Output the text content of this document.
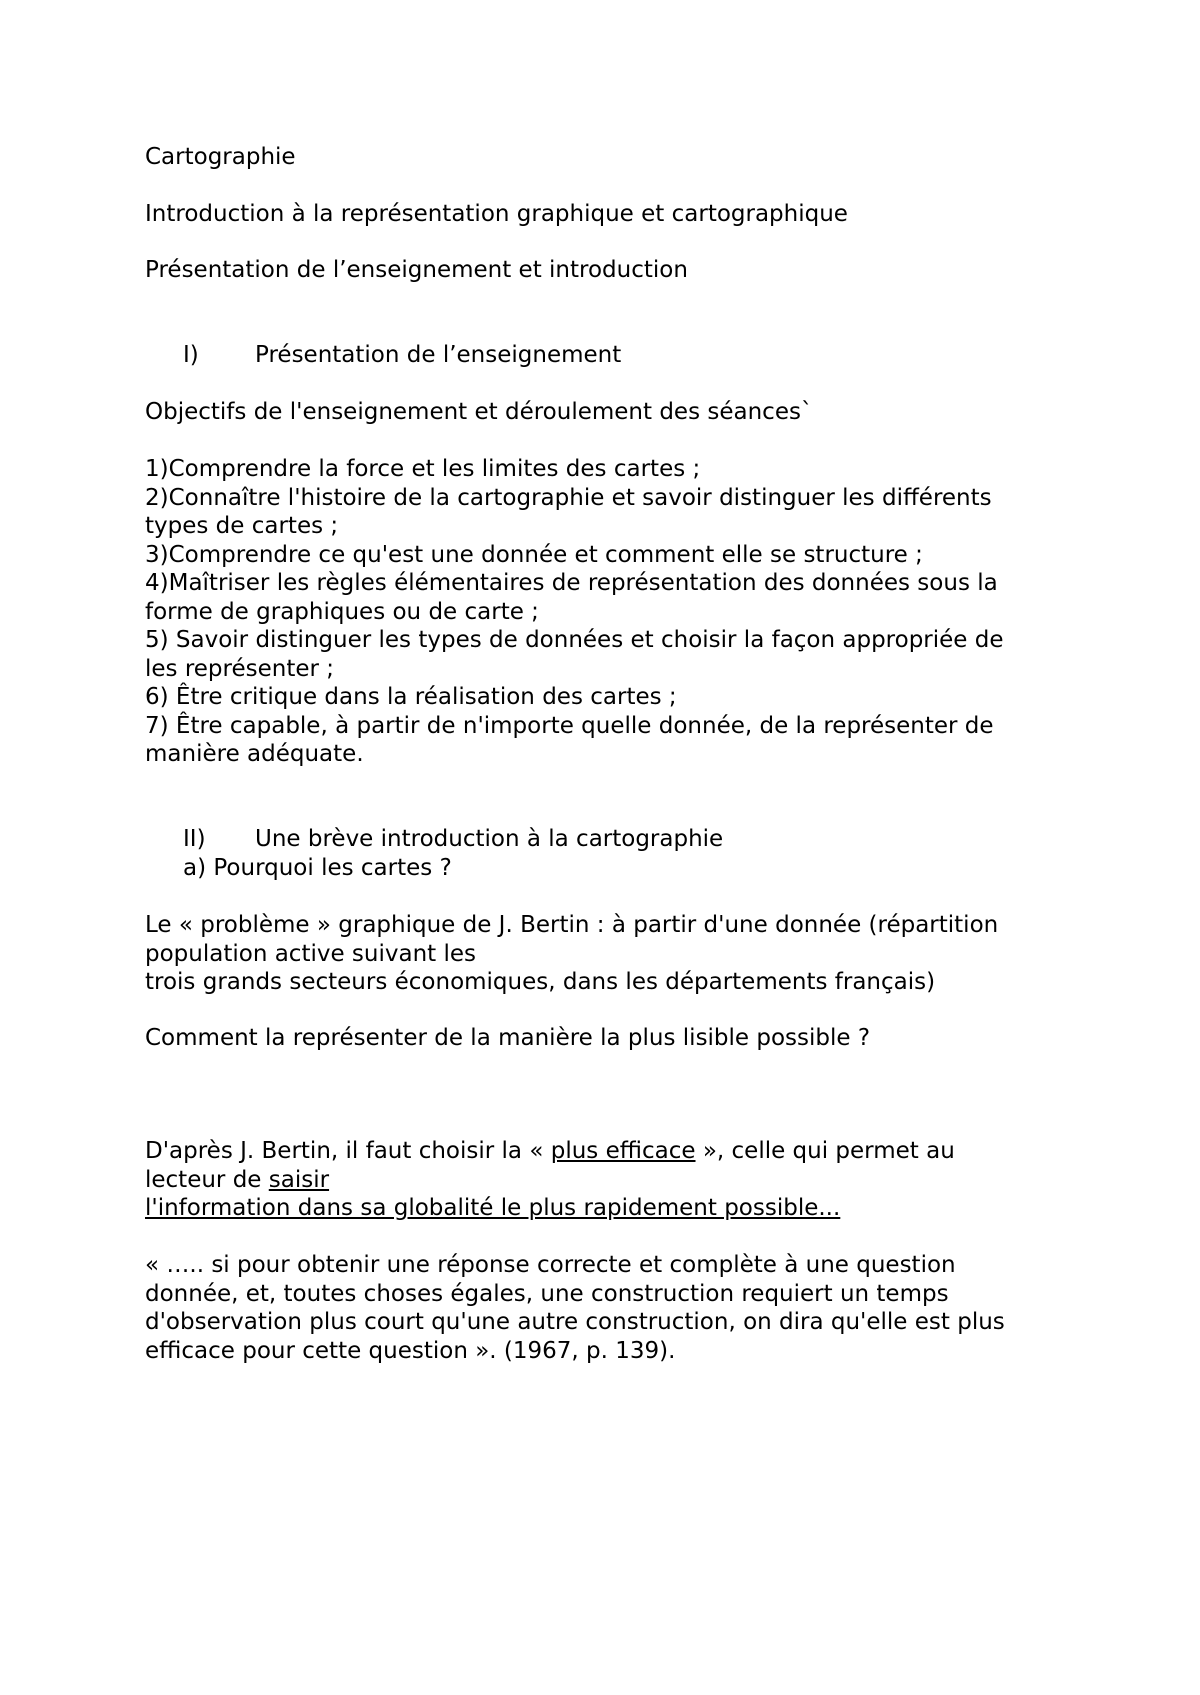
Cartographie

Introduction à la représentation graphique et cartographique

Présentation de l’enseignement et introduction

I) Présentation de l’enseignement

Objectifs de l'enseignement et déroulement des séances`

1)Comprendre la force et les limites des cartes ;
2)Connaître l'histoire de la cartographie et savoir distinguer les différents
types de cartes ;
3)Comprendre ce qu'est une donnée et comment elle se structure ;
4)Maîtriser les règles élémentaires de représentation des données sous la
forme de graphiques ou de carte ;
5) Savoir distinguer les types de données et choisir la façon appropriée de
les représenter ;
6) Être critique dans la réalisation des cartes ;
7) Être capable, à partir de n'importe quelle donnée, de la représenter de
manière adéquate.
II) Une brève introduction à la cartographie
a) Pourquoi les cartes ?
Le « problème » graphique de J. Bertin : à partir d'une donnée (répartition
population active suivant les
trois grands secteurs économiques, dans les départements français)

Comment la représenter de la manière la plus lisible possible ?

D'après J. Bertin, il faut choisir la « plus efficace », celle qui permet au
lecteur de saisir
l'information dans sa globalité le plus rapidement possible...
« ….. si pour obtenir une réponse correcte et complète à une question
donnée, et, toutes choses égales, une construction requiert un temps
d'observation plus court qu'une autre construction, on dira qu'elle est plus
efficace pour cette question ». (1967, p. 139).
